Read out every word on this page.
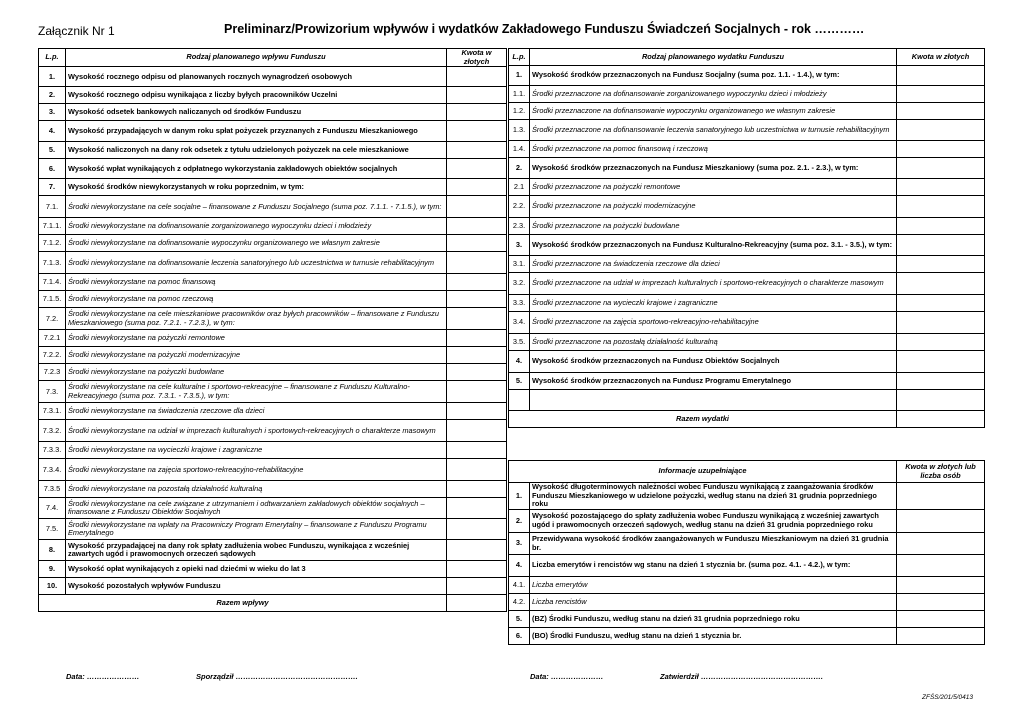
Załącznik Nr 1	Preliminarz/Prowizorium wpływów i wydatków Zakładowego Funduszu Świadczeń Socjalnych - rok …………
L.p.	Rodzaj planowanego wpływu Funduszu	Kwota w złotych
1.	Wysokość rocznego odpisu od planowanych rocznych wynagrodzeń osobowych	
2.	Wysokość rocznego odpisu wynikająca z liczby byłych pracowników Uczelni	
3.	Wysokość odsetek bankowych naliczanych od środków Funduszu	
4.	Wysokość przypadających w danym roku spłat pożyczek przyznanych z Funduszu Mieszkaniowego	
5.	Wysokość naliczonych na dany rok odsetek z tytułu udzielonych pożyczek na cele mieszkaniowe	
6.	Wysokość wpłat wynikających z odpłatnego wykorzystania zakładowych obiektów socjalnych	
7.	Wysokość środków niewykorzystanych w roku poprzednim, w tym:	
7.1.	Środki niewykorzystane na cele socjalne – finansowane z Funduszu Socjalnego (suma poz. 7.1.1. - 7.1.5.), w tym:	
7.1.1.	Środki niewykorzystane na dofinansowanie zorganizowanego wypoczynku dzieci i młodzieży	
7.1.2.	Środki niewykorzystane na dofinansowanie wypoczynku organizowanego we własnym zakresie	
7.1.3.	Środki niewykorzystane na dofinansowanie leczenia sanatoryjnego lub uczestnictwa w turnusie rehabilitacyjnym	
7.1.4.	Środki niewykorzystane na pomoc finansową	
7.1.5.	Środki niewykorzystane na pomoc rzeczową	
7.2.	Środki niewykorzystane na cele mieszkaniowe pracowników oraz byłych pracowników – finansowane z Funduszu Mieszkaniowego (suma poz. 7.2.1. - 7.2.3.), w tym:	
7.2.1	Środki niewykorzystane na pożyczki remontowe	
7.2.2.	Środki niewykorzystane na pożyczki modernizacyjne	
7.2.3	Środki niewykorzystane na pożyczki budowlane	
7.3.	Środki niewykorzystane na cele kulturalne i sportowo-rekreacyjne – finansowane z Funduszu Kulturalno-Rekreacyjnego (suma poz. 7.3.1. - 7.3.5.), w tym:	
7.3.1.	Środki niewykorzystane na świadczenia rzeczowe dla dzieci	
7.3.2.	Środki niewykorzystane na udział w imprezach kulturalnych i sportowych-rekreacyjnych o charakterze masowym	
7.3.3.	Środki niewykorzystane na wycieczki krajowe i zagraniczne	
7.3.4.	Środki niewykorzystane na zajęcia sportowo-rekreacyjno-rehabilitacyjne	
7.3.5	Środki niewykorzystane na pozostałą działalność kulturalną	
7.4.	Środki niewykorzystane na cele związane z utrzymaniem i odtwarzaniem zakładowych obiektów socjalnych – finansowane z Funduszu Obiektów Socjalnych	
7.5.	Środki niewykorzystane na wpłaty na Pracowniczy Program Emerytalny – finansowane z Funduszu Programu Emerytalnego	
8.	Wysokość przypadającej na dany rok spłaty zadłużenia wobec Funduszu, wynikająca z wcześniej zawartych ugód i prawomocnych orzeczeń sądowych	
9.	Wysokość opłat wynikających z opieki nad dziećmi w wieku do lat 3	
10.	Wysokość pozostałych wpływów Funduszu	
Razem wpływy		
L.p.	Rodzaj planowanego wydatku Funduszu	Kwota w złotych
1.	Wysokość środków przeznaczonych na Fundusz Socjalny (suma poz. 1.1. - 1.4.), w tym:	
1.1.	Środki przeznaczone na dofinansowanie zorganizowanego wypoczynku dzieci i młodzieży	
1.2.	Środki przeznaczone na dofinansowanie wypoczynku organizowanego we własnym zakresie	
1.3.	Środki przeznaczone na dofinansowanie leczenia sanatoryjnego lub uczestnictwa w turnusie rehabilitacyjnym	
1.4.	Środki przeznaczone na pomoc finansową i rzeczową	
2.	Wysokość środków przeznaczonych na Fundusz Mieszkaniowy (suma poz. 2.1. - 2.3.), w tym:	
2.1	Środki przeznaczone na pożyczki remontowe	
2.2.	Środki przeznaczone na pożyczki modernizacyjne	
2.3.	Środki przeznaczone na pożyczki budowlane	
3.	Wysokość środków przeznaczonych na Fundusz Kulturalno-Rekreacyjny (suma poz. 3.1. - 3.5.), w tym:	
3.1.	Środki przeznaczone na świadczenia rzeczowe dla dzieci	
3.2.	Środki przeznaczone na udział w imprezach kulturalnych i sportowo-rekreacyjnych o charakterze masowym	
3.3.	Środki przeznaczone na wycieczki krajowe i zagraniczne	
3.4.	Środki przeznaczone na zajęcia sportowo-rekreacyjno-rehabilitacyjne	
3.5.	Środki przeznaczone na pozostałą działalność kulturalną	
4.	Wysokość środków przeznaczonych na Fundusz Obiektów Socjalnych	
5.	Wysokość środków przeznaczonych na Fundusz Programu Emerytalnego	

Razem wydatki		
Informacje uzupełniające		Kwota w złotych lub liczba osób
1.	Wysokość długoterminowych należności wobec Funduszu wynikającą z zaangażowania środków Funduszu Mieszkaniowego w udzielone pożyczki, według stanu na dzień 31 grudnia poprzedniego roku	
2.	Wysokość pozostającego do spłaty zadłużenia wobec Funduszu wynikającą z wcześniej zawartych ugód i prawomocnych orzeczeń sądowych, według stanu na dzień 31 grudnia poprzedniego roku	
3.	Przewidywana wysokość środków zaangażowanych w Funduszu Mieszkaniowym na dzień 31 grudnia br.	
4.	Liczba emerytów i rencistów wg stanu na dzień 1 stycznia br. (suma poz. 4.1. - 4.2.), w tym:	
4.1.	Liczba emerytów	
4.2.	Liczba rencistów	
5.	(BZ) Środki Funduszu, według stanu na dzień 31 grudnia poprzedniego roku	
6.	(BO) Środki Funduszu, według stanu na dzień 1 stycznia br.	
Data: …………………	Sporządził ………………………………………….	Data: …………………	Zatwierdził ………………………………………….
ZFŚS/201/5/0413
